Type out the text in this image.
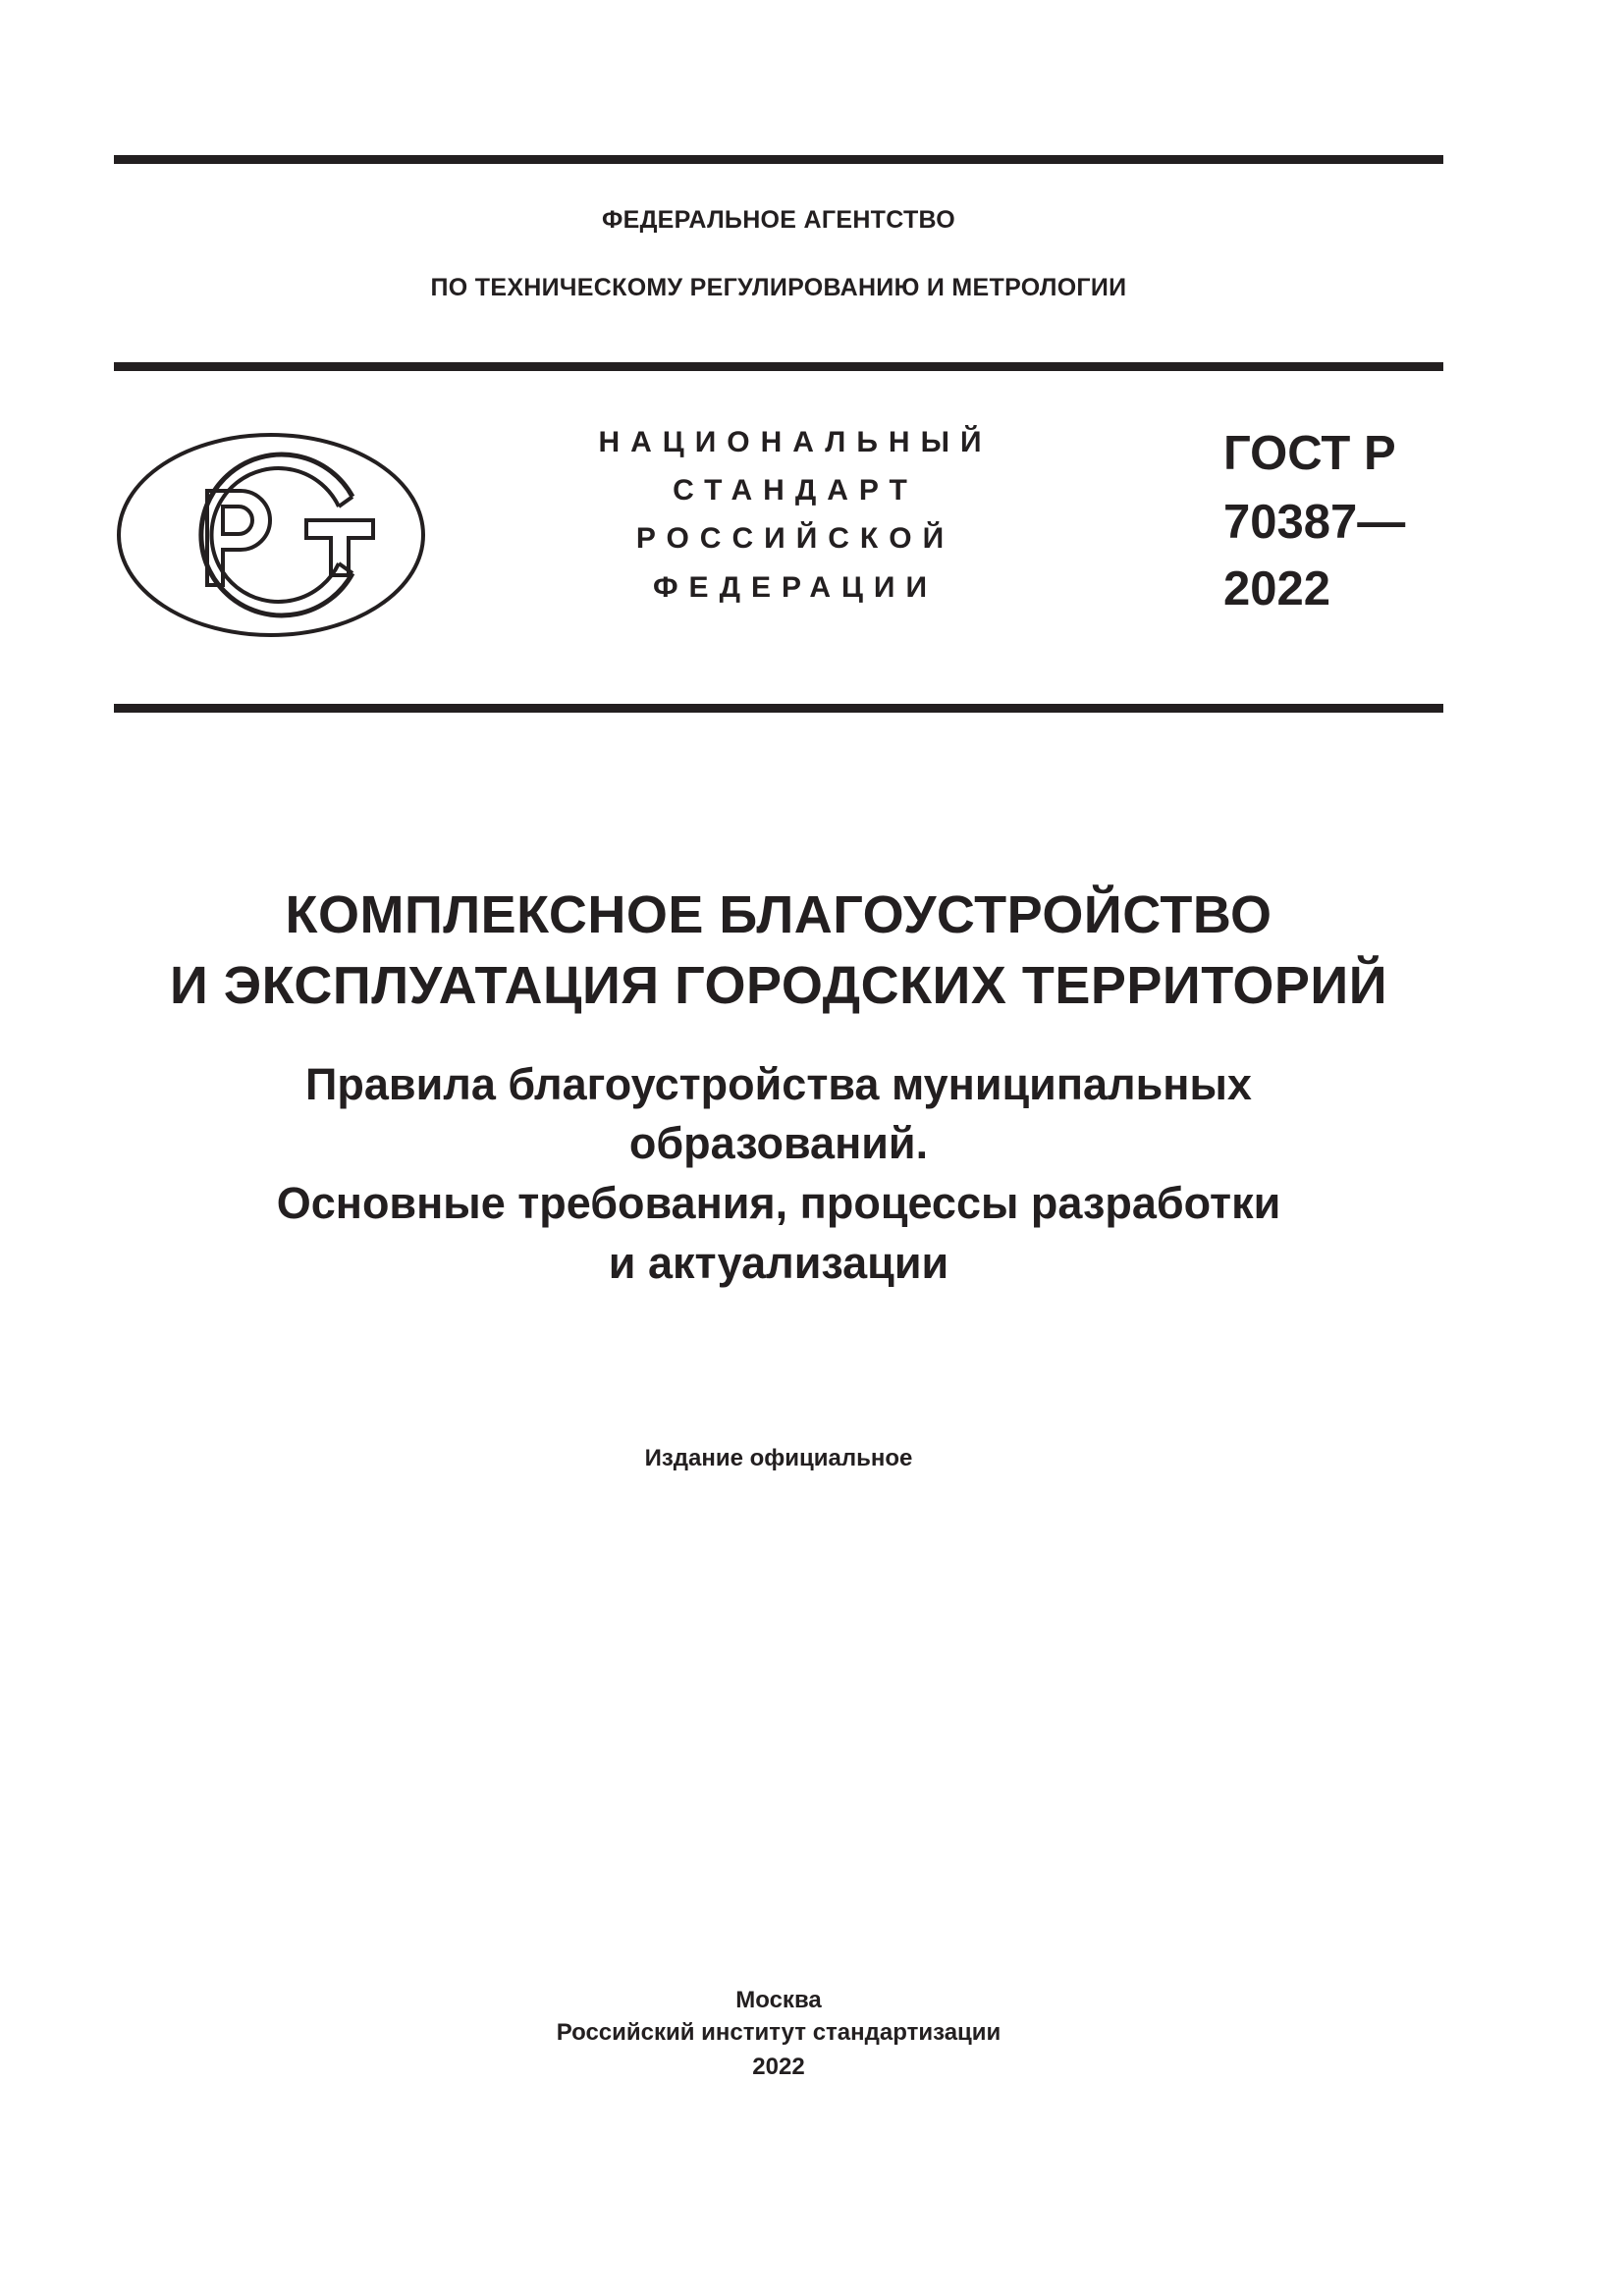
ФЕДЕРАЛЬНОЕ АГЕНТСТВО
ПО ТЕХНИЧЕСКОМУ РЕГУЛИРОВАНИЮ И МЕТРОЛОГИИ
НАЦИОНАЛЬНЫЙ
СТАНДАРТ
РОССИЙСКОЙ
ФЕДЕРАЦИИ
ГОСТ Р
70387—
2022
КОМПЛЕКСНОЕ БЛАГОУСТРОЙСТВО
И ЭКСПЛУАТАЦИЯ ГОРОДСКИХ ТЕРРИТОРИЙ
Правила благоустройства муниципальных
образований.
Основные требования, процессы разработки
и актуализации
Издание официальное
Москва
Российский институт стандартизации
2022
